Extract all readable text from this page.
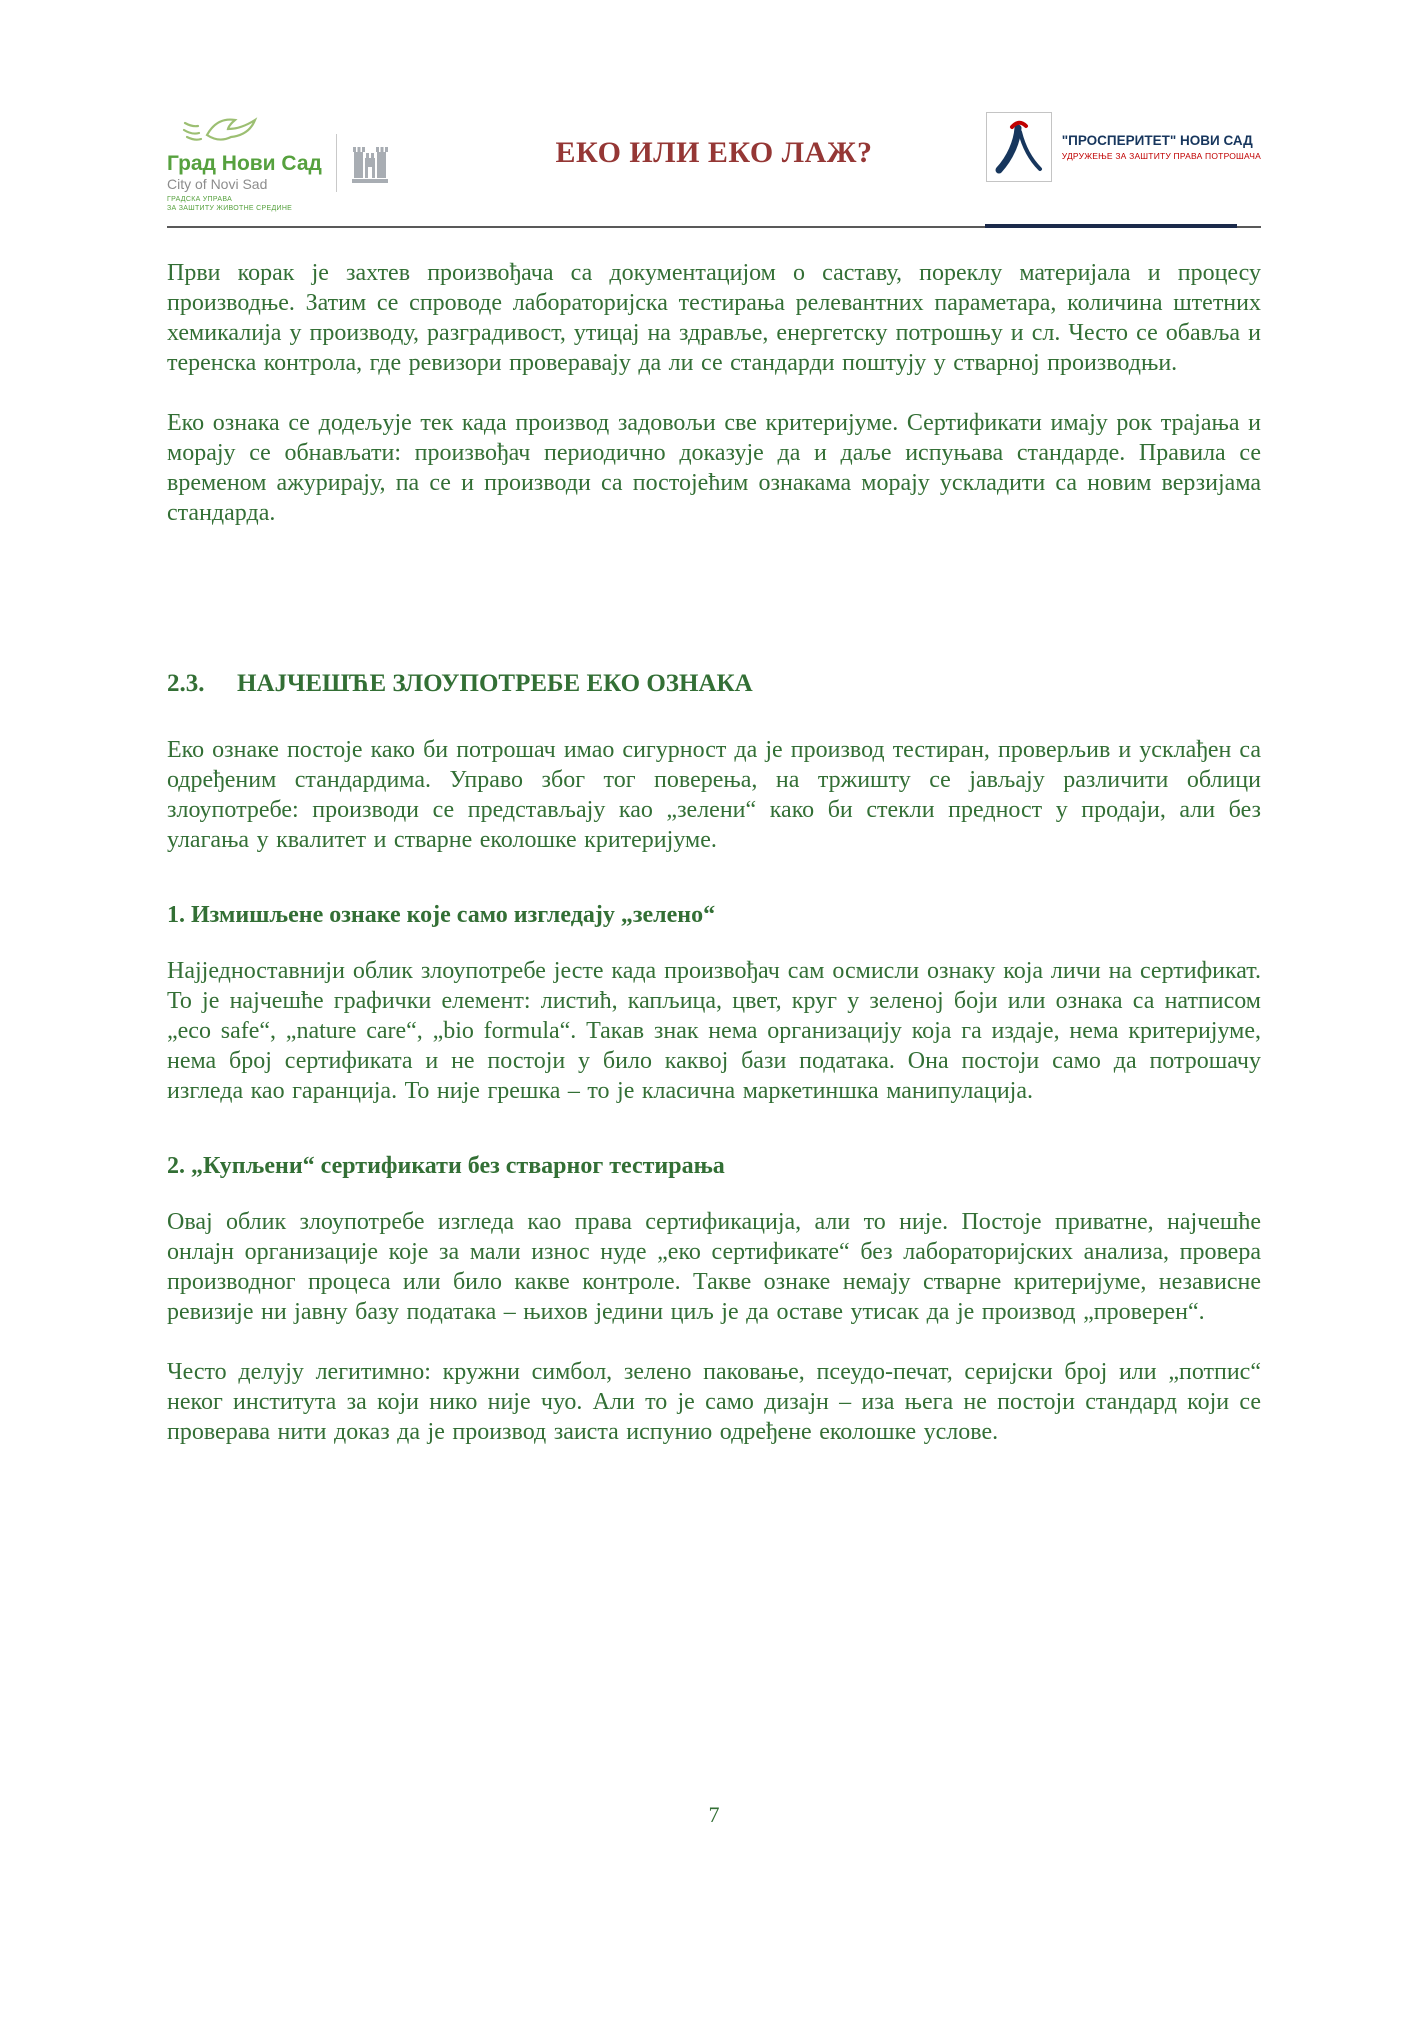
Град Нови Сад
City of Novi Sad
ГРАДСКА УПРАВА
ЗА ЗАШТИТУ ЖИВОТНЕ СРЕДИНЕ
ЕКО ИЛИ ЕКО ЛАЖ?	"ПРОСПЕРИТЕТ" НОВИ САД
УДРУЖЕЊЕ ЗА ЗАШТИТУ ПРАВА ПОТРОШАЧА

Први корак је захтев произвођача са документацијом о саставу, пореклу материјала и процесу производње. Затим се спроводе лабораторијска тестирања релевантних параметара, количина штетних хемикалија у производу, разградивост, утицај на здравље, енергетску потрошњу и сл. Често се обавља и теренска контрола, где ревизори проверавају да ли се стандарди поштују у стварној производњи.

Еко ознака се додељује тек када производ задовољи све критеријуме. Сертификати имају рок трајања и морају се обнављати: произвођач периодично доказује да и даље испуњава стандарде. Правила се временом ажурирају, па се и производи са постојећим ознакама морају ускладити са новим верзијама стандарда.

2.3. НАЈЧЕШЋЕ ЗЛОУПОТРЕБЕ ЕКО ОЗНАКА

Еко ознаке постоје како би потрошач имао сигурност да је производ тестиран, проверљив и усклађен са одређеним стандардима. Управо због тог поверења, на тржишту се јављају различити облици злоупотребе: производи се представљају као „зелени“ како би стекли предност у продаји, али без улагања у квалитет и стварне еколошке критеријуме.

1. Измишљене ознаке које само изгледају „зелено“

Најједноставнији облик злоупотребе јесте када произвођач сам осмисли ознаку која личи на сертификат. То је најчешће графички елемент: листић, капљица, цвет, круг у зеленој боји или ознака са натписом „eco safe“, „nature care“, „bio formula“. Такав знак нема организацију која га издаје, нема критеријуме, нема број сертификата и не постоји у било каквој бази података. Она постоји само да потрошачу изгледа као гаранција. То није грешка – то је класична маркетиншка манипулација.

2. „Купљени“ сертификати без стварног тестирања

Овај облик злоупотребе изгледа као права сертификација, али то није. Постоје приватне, најчешће онлајн организације које за мали износ нуде „еко сертификате“ без лабораторијских анализа, провера производног процеса или било какве контроле. Такве ознаке немају стварне критеријуме, независне ревизије ни јавну базу података – њихов једини циљ је да оставе утисак да је производ „проверен“.

Често делују легитимно: кружни симбол, зелено паковање, псеудо-печат, серијски број или „потпис“ неког института за који нико није чуо. Али то је само дизајн – иза њега не постоји стандард који се проверава нити доказ да је производ заиста испунио одређене еколошке услове.

7
